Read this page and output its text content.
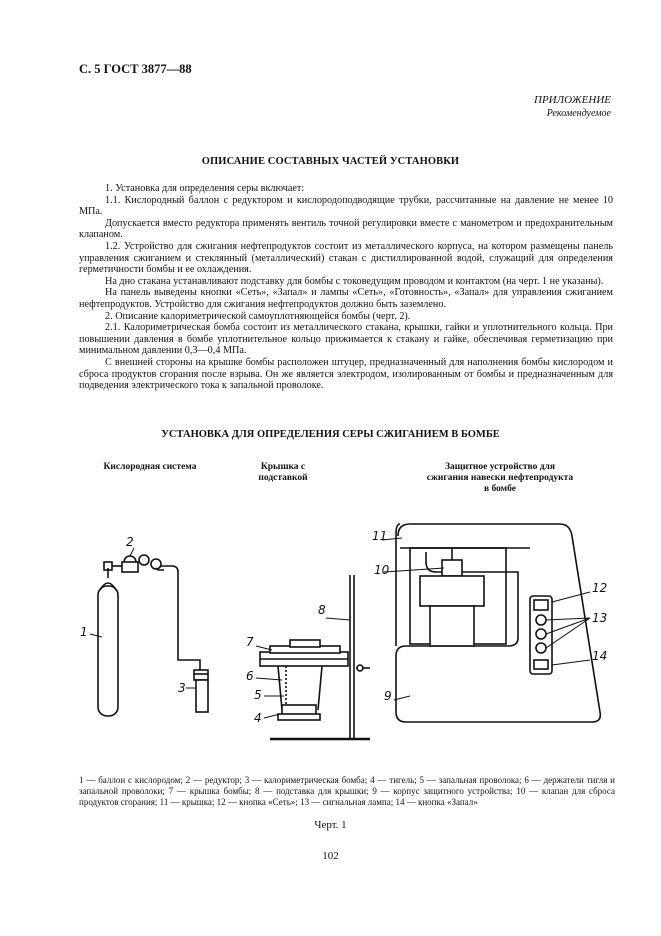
С. 5 ГОСТ 3877—88
ПРИЛОЖЕНИЕ
Рекомендуемое
ОПИСАНИЕ СОСТАВНЫХ ЧАСТЕЙ УСТАНОВКИ

1. Установка для определения серы включает:

1.1. Кислородный баллон с редуктором и кислородоподводящие трубки, рассчитанные на давление не менее 10 МПа.

Допускается вместо редуктора применять вентиль точной регулировки вместе с манометром и предохранительным клапаном.

1.2. Устройство для сжигания нефтепродуктов состоит из металлического корпуса, на котором размещены панель управления сжиганием и стеклянный (металлический) стакан с дистиллированной водой, служащий для определения герметичности бомбы и ее охлаждения.

На дно стакана устанавливают подставку для бомбы с токоведущим проводом и контактом (на черт. 1 не указаны).

На панель выведены кнопки «Сеть», «Запал» и лампы «Сеть», «Готовность», «Запал» для управления сжиганием нефтепродуктов. Устройство для сжигания нефтепродуктов должно быть заземлено.

2. Описание калориметрической самоуплотняющейся бомбы (черт. 2).

2.1. Калориметрическая бомба состоит из металлического стакана, крышки, гайки и уплотнительного кольца. При повышении давления в бомбе уплотнительное кольцо прижимается к стакану и гайке, обеспечивая герметизацию при минимальном давлении 0,3—0,4 МПа.

С внешней стороны на крышке бомбы расположен штуцер, предназначенный для наполнения бомбы кислородом и сброса продуктов сгорания после взрыва. Он же является электродом, изолированным от бомбы и предназначенным для подведения электрического тока к запальной проволоке.

УСТАНОВКА ДЛЯ ОПРЕДЕЛЕНИЯ СЕРЫ СЖИГАНИЕМ В БОМБЕ
Кислородная система	Крышка с подставкой
Защитное устройство для сжигания навески нефтепродукта в бомбе
1
2
3
4
5
6
7
8
9
10
11
12
13
14

1 — баллон с кислородом; 2 — редуктор; 3 — калориметрическая бомба; 4 — тигель; 5 — запальная проволока; 6 — держатели тигля и запальной проволоки; 7 — крышка бомбы; 8 — подставка для крышки; 9 — корпус защитного устройства; 10 — клапан для сброса продуктов сгорания; 11 — крышка; 12 — кнопка «Сеть»; 13 — сигнальная лампа; 14 — кнопка «Запал»

Черт. 1
102
